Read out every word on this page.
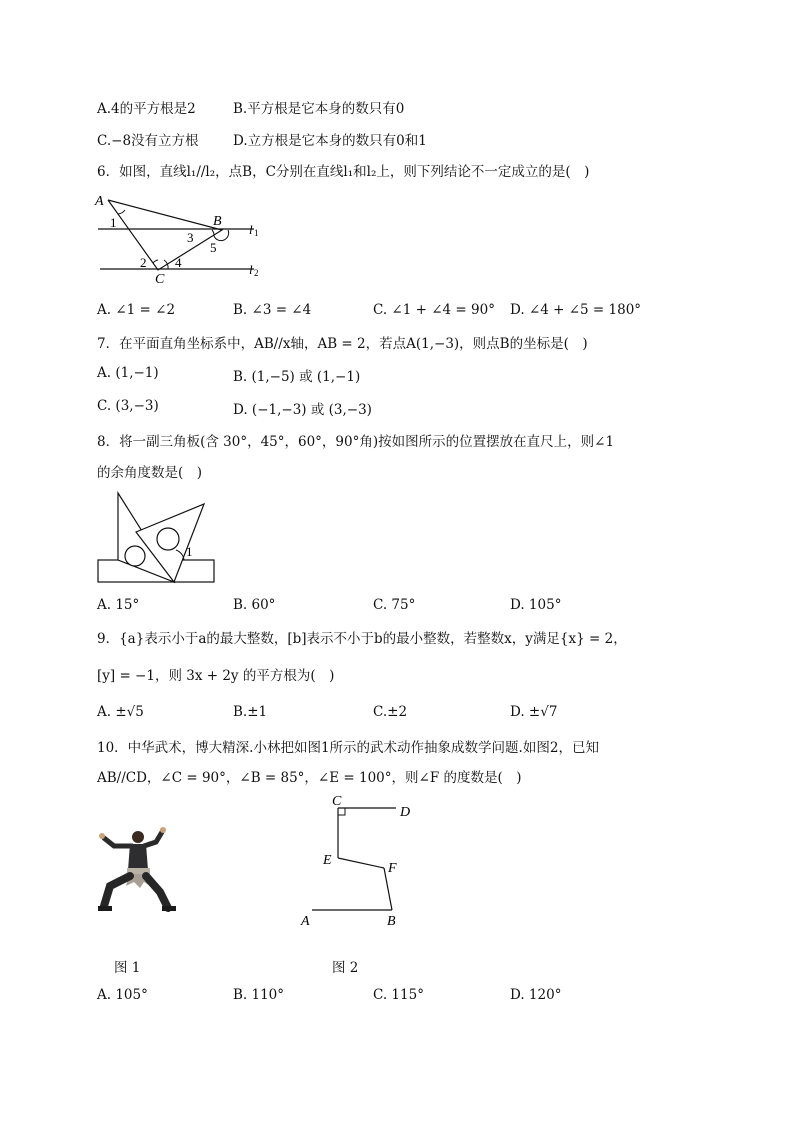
A.4的平方根是2	B.平方根是它本身的数只有0
C.−8没有立方根	D.立方根是它本身的数只有0和1
6．如图，直线l₁//l₂，点B，C分别在直线l₁和l₂上，则下列结论不一定成立的是(　)
A
1	B
3
5
2 4
C
l 1
l 2
A. ∠1 = ∠2	B. ∠3 = ∠4	C. ∠1 + ∠4 = 90° D. ∠4 + ∠5 = 180°
7．在平面直角坐标系中，AB//x轴，AB = 2，若点A(1,−3)，则点B的坐标是(　)
A. (1,−1)	B. (1,−5) 或 (1,−1)
C. (3,−3)	D. (−1,−3) 或 (3,−3)
8．将一副三角板(含 30°，45°，60°，90°角)按如图所示的位置摆放在直尺上，则∠1
的余角度数是(　)
1
A. 15°	B. 60°	C. 75°	D. 105°
9．{a}表示小于a的最大整数，[b]表示不小于b的最小整数，若整数x，y满足{x} = 2，
[y] = −1，则 3x + 2y 的平方根为(　)
A. ±√5	B.±1	C.±2	D. ±√7
10．中华武术，博大精深.小林把如图1所示的武术动作抽象成数学问题.如图2，已知
AB//CD，∠C = 90°，∠B = 85°，∠E = 100°，则∠F 的度数是(　)
C
D
E
F
A	B
图 1	图 2
A. 105°	B. 110°	C. 115°	D. 120°
